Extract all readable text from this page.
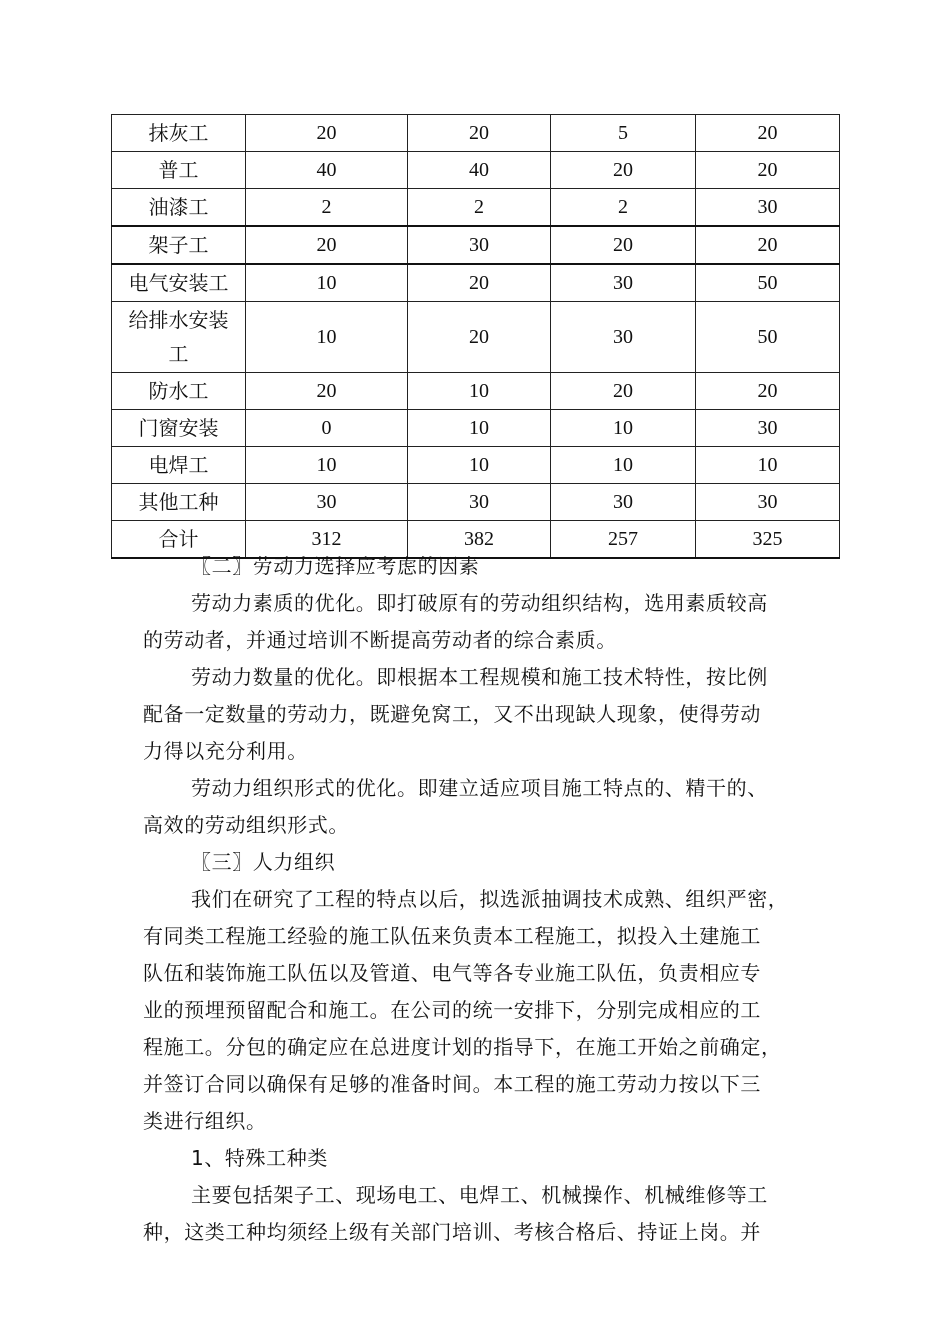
抹灰工	20	20	5	20
普工	40	40	20	20
油漆工	2	2	2	30
架子工	20	30	20	20
电气安装工	10	20	30	50

给排水安装
工	10	20	30	50
防水工	20	10	20	20
门窗安装	0	10	10	30
电焊工	10	10	10	10
其他工种	30	30	30	30
合计	312	382	257	325
〖二〗劳动力选择应考虑的因素
劳动力素质的优化。即打破原有的劳动组织结构，选用素质较高
的劳动者，并通过培训不断提高劳动者的综合素质。
劳动力数量的优化。即根据本工程规模和施工技术特性，按比例
配备一定数量的劳动力，既避免窝工，又不出现缺人现象，使得劳动
力得以充分利用。
劳动力组织形式的优化。即建立适应项目施工特点的、精干的、
高效的劳动组织形式。
〖三〗人力组织
我们在研究了工程的特点以后，拟选派抽调技术成熟、组织严密，
有同类工程施工经验的施工队伍来负责本工程施工，拟投入土建施工
队伍和装饰施工队伍以及管道、电气等各专业施工队伍，负责相应专
业的预埋预留配合和施工。在公司的统一安排下，分别完成相应的工
程施工。分包的确定应在总进度计划的指导下，在施工开始之前确定，
并签订合同以确保有足够的准备时间。本工程的施工劳动力按以下三
类进行组织。
1、特殊工种类
主要包括架子工、现场电工、电焊工、机械操作、机械维修等工
种，这类工种均须经上级有关部门培训、考核合格后、持证上岗。并
